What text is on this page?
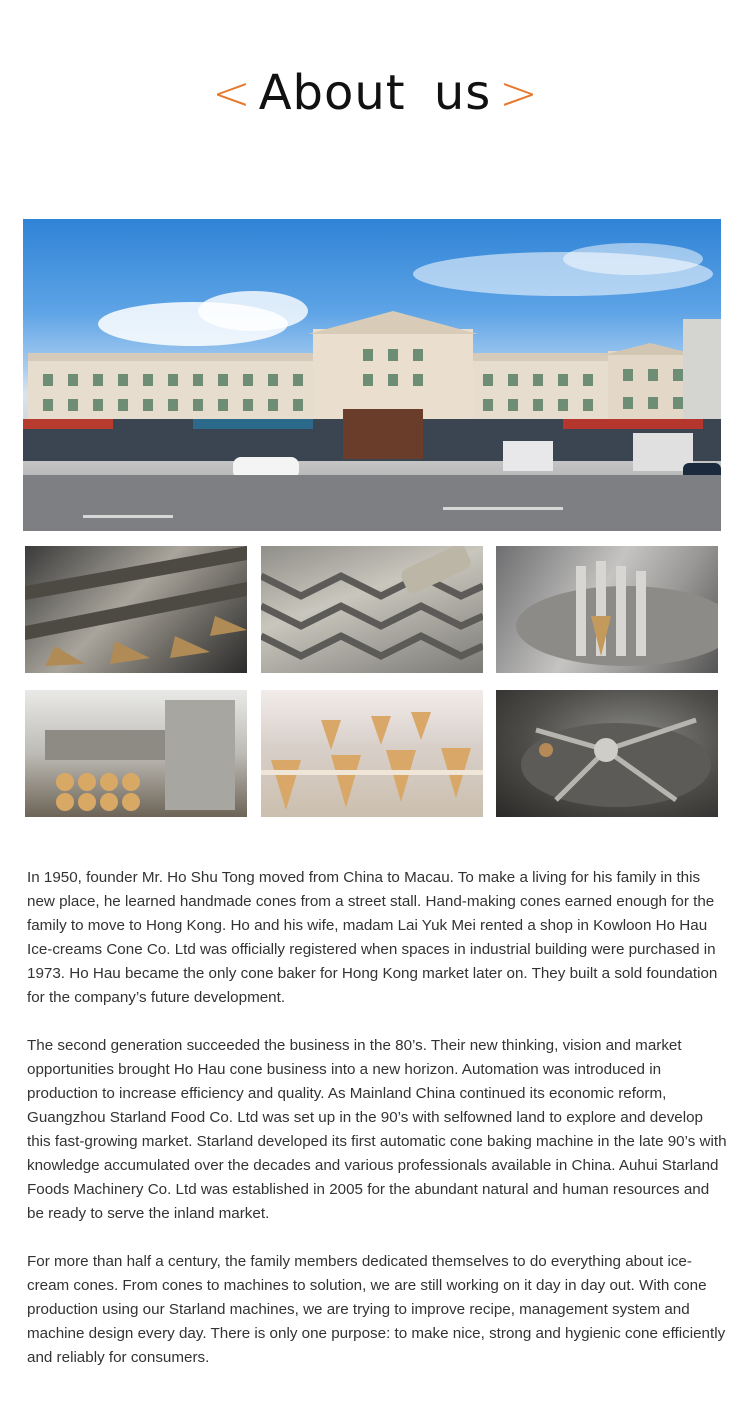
< About us >

In 1950, founder Mr. Ho Shu Tong moved from China to Macau. To make a living for his family in this new place, he learned handmade cones from a street stall. Hand-making cones earned enough for the family to move to Hong Kong. Ho and his wife, madam Lai Yuk Mei rented a shop in Kowloon Ho Hau Ice-creams Cone Co. Ltd was officially registered when spaces in industrial building were purchased in 1973. Ho Hau became the only cone baker for Hong Kong market later on. They built a sold foundation for the company’s future development.

The second generation succeeded the business in the 80’s. Their new thinking, vision and market opportunities brought Ho Hau cone business into a new horizon. Automation was introduced in production to increase efficiency and quality. As Mainland China continued its economic reform, Guangzhou Starland Food Co. Ltd was set up in the 90’s with selfowned land to explore and develop this fast-growing market. Starland developed its first automatic cone baking machine in the late 90’s with knowledge accumulated over the decades and various professionals available in China. Auhui Starland Foods Machinery Co. Ltd was established in 2005 for the abundant natural and human resources and be ready to serve the inland market.

For more than half a century, the family members dedicated themselves to do everything about ice-cream cones. From cones to machines to solution, we are still working on it day in day out. With cone production using our Starland machines, we are trying to improve recipe, management system and machine design every day. There is only one purpose: to make nice, strong and hygienic cone efficiently and reliably for consumers.
